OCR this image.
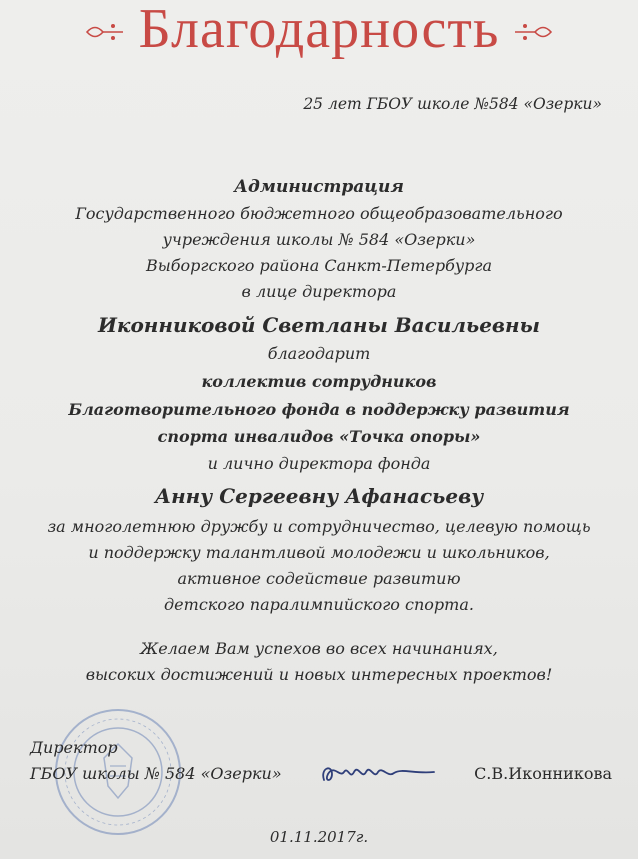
Благодарность
25 лет ГБОУ школе №584 «Озерки»
Администрация
Государственного бюджетного общеобразовательного
учреждения школы № 584 «Озерки»
Выборгского района Санкт-Петербурга
в лице директора
Иконниковой Светланы Васильевны
благодарит
коллектив сотрудников
Благотворительного фонда в поддержку развития
спорта инвалидов «Точка опоры»
и лично директора фонда
Анну Сергеевну Афанасьеву
за многолетнюю дружбу и сотрудничество, целевую помощь
и поддержку талантливой молодежи и школьников,
активное содействие развитию
детского паралимпийского спорта.
Желаем Вам успехов во всех начинаниях,
высоких достижений и новых интересных проектов!
Директор
ГБОУ школы № 584 «Озерки»	С.В.Иконникова
01.11.2017г.
